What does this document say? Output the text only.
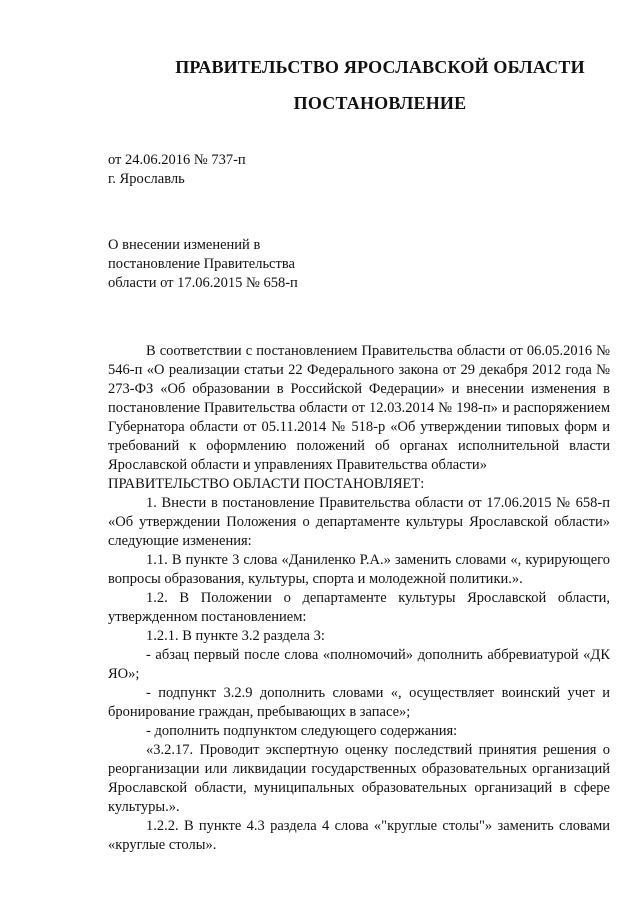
ПРАВИТЕЛЬСТВО ЯРОСЛАВСКОЙ ОБЛАСТИ
ПОСТАНОВЛЕНИЕ
от 24.06.2016 № 737-п
г. Ярославль
О внесении изменений в
постановление Правительства
области от 17.06.2015 № 658-п

В соответствии с постановлением Правительства области от 06.05.2016 № 546-п «О реализации статьи 22 Федерального закона от 29 декабря 2012 года № 273-ФЗ «Об образовании в Российской Федерации» и внесении изменения в постановление Правительства области от 12.03.2014 № 198-п» и распоряжением Губернатора области от 05.11.2014 № 518-р «Об утверждении типовых форм и требований к оформлению положений об органах исполнительной власти Ярославской области и управлениях Правительства области»

ПРАВИТЕЛЬСТВО ОБЛАСТИ ПОСТАНОВЛЯЕТ:

1. Внести в постановление Правительства области от 17.06.2015 № 658-п «Об утверждении Положения о департаменте культуры Ярославской области» следующие изменения:

1.1. В пункте 3 слова «Даниленко Р.А.» заменить словами «, курирующего вопросы образования, культуры, спорта и молодежной политики.».

1.2. В Положении о департаменте культуры Ярославской области, утвержденном постановлением:

1.2.1. В пункте 3.2 раздела 3:

- абзац первый после слова «полномочий» дополнить аббревиатурой «ДК ЯО»;

- подпункт 3.2.9 дополнить словами «, осуществляет воинский учет и бронирование граждан, пребывающих в запасе»;

- дополнить подпунктом следующего содержания:

«3.2.17. Проводит экспертную оценку последствий принятия решения о реорганизации или ликвидации государственных образовательных организаций Ярославской области, муниципальных образовательных организаций в сфере культуры.».

1.2.2. В пункте 4.3 раздела 4 слова «"круглые столы"» заменить словами «круглые столы».
